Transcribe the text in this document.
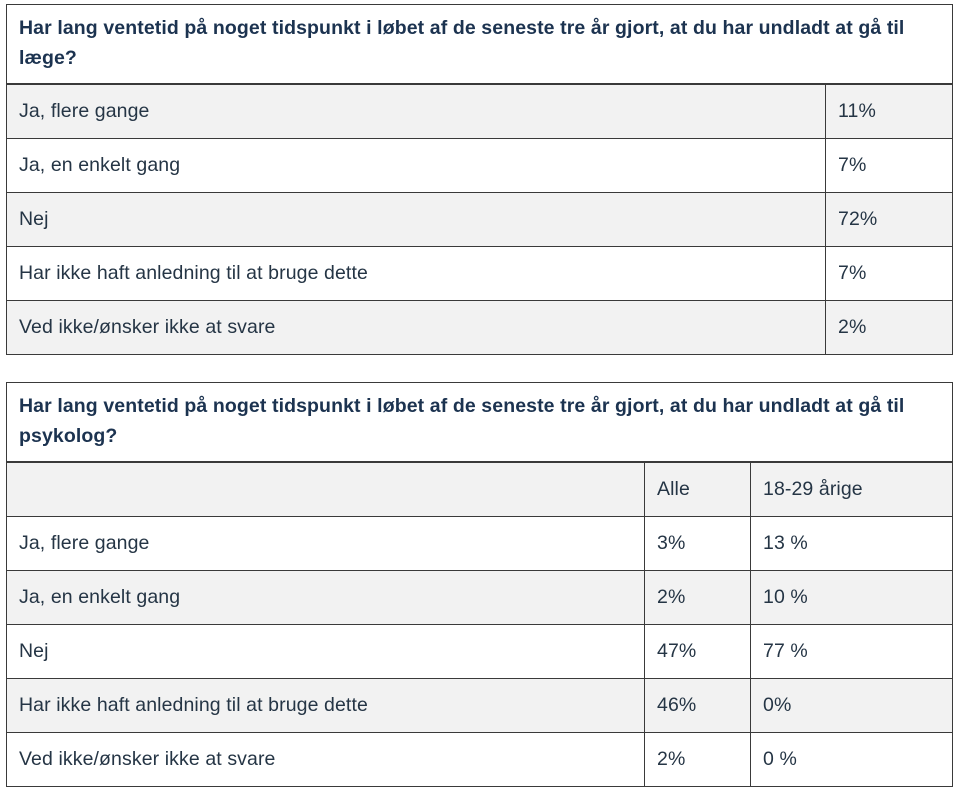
Har lang ventetid på noget tidspunkt i løbet af de seneste tre år gjort, at du har undladt at gå til læge?	
Ja, flere gange	11%
Ja, en enkelt gang	7%
Nej	72%
Har ikke haft anledning til at bruge dette	7%
Ved ikke/ønsker ikke at svare	2%
Har lang ventetid på noget tidspunkt i løbet af de seneste tre år gjort, at du har undladt at gå til psykolog?		
	Alle	18-29 årige
Ja, flere gange	3%	13 %
Ja, en enkelt gang	2%	10 %
Nej	47%	77 %
Har ikke haft anledning til at bruge dette	46%	0%
Ved ikke/ønsker ikke at svare	2%	0 %
